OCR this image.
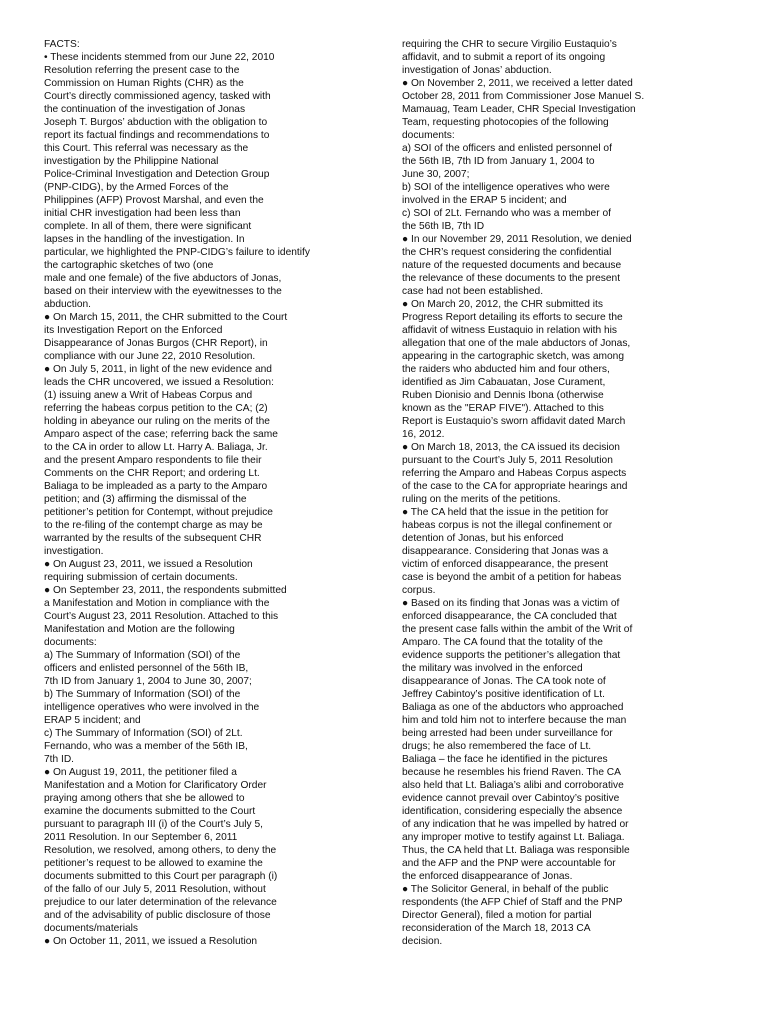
FACTS:
• These incidents stemmed from our June 22, 2010
Resolution referring the present case to the
Commission on Human Rights (CHR) as the
Court’s directly commissioned agency, tasked with
the continuation of the investigation of Jonas
Joseph T. Burgos’ abduction with the obligation to
report its factual findings and recommendations to
this Court. This referral was necessary as the
investigation by the Philippine National
Police-Criminal Investigation and Detection Group
(PNP-CIDG), by the Armed Forces of the
Philippines (AFP) Provost Marshal, and even the
initial CHR investigation had been less than
complete. In all of them, there were significant
lapses in the handling of the investigation. In
particular, we highlighted the PNP-CIDG’s failure to identify
the cartographic sketches of two (one
male and one female) of the five abductors of Jonas,
based on their interview with the eyewitnesses to the
abduction.
● On March 15, 2011, the CHR submitted to the Court
its Investigation Report on the Enforced
Disappearance of Jonas Burgos (CHR Report), in
compliance with our June 22, 2010 Resolution.
● On July 5, 2011, in light of the new evidence and
leads the CHR uncovered, we issued a Resolution:
(1) issuing anew a Writ of Habeas Corpus and
referring the habeas corpus petition to the CA; (2)
holding in abeyance our ruling on the merits of the
Amparo aspect of the case; referring back the same
to the CA in order to allow Lt. Harry A. Baliaga, Jr.
and the present Amparo respondents to file their
Comments on the CHR Report; and ordering Lt.
Baliaga to be impleaded as a party to the Amparo
petition; and (3) affirming the dismissal of the
petitioner’s petition for Contempt, without prejudice
to the re-filing of the contempt charge as may be
warranted by the results of the subsequent CHR
investigation.
● On August 23, 2011, we issued a Resolution
requiring submission of certain documents.
● On September 23, 2011, the respondents submitted
a Manifestation and Motion in compliance with the
Court’s August 23, 2011 Resolution. Attached to this
Manifestation and Motion are the following
documents:
a) The Summary of Information (SOI) of the
officers and enlisted personnel of the 56th IB,
7th ID from January 1, 2004 to June 30, 2007;
b) The Summary of Information (SOI) of the
intelligence operatives who were involved in the
ERAP 5 incident; and
c) The Summary of Information (SOI) of 2Lt.
Fernando, who was a member of the 56th IB,
7th ID.
● On August 19, 2011, the petitioner filed a
Manifestation and a Motion for Clarificatory Order
praying among others that she be allowed to
examine the documents submitted to the Court
pursuant to paragraph III (i) of the Court’s July 5,
2011 Resolution. In our September 6, 2011
Resolution, we resolved, among others, to deny the
petitioner’s request to be allowed to examine the
documents submitted to this Court per paragraph (i)
of the fallo of our July 5, 2011 Resolution, without
prejudice to our later determination of the relevance
and of the advisability of public disclosure of those
documents/materials
● On October 11, 2011, we issued a Resolution
requiring the CHR to secure Virgilio Eustaquio’s
affidavit, and to submit a report of its ongoing
investigation of Jonas’ abduction.
● On November 2, 2011, we received a letter dated
October 28, 2011 from Commissioner Jose Manuel S.
Mamauag, Team Leader, CHR Special Investigation
Team, requesting photocopies of the following
documents:
a) SOI of the officers and enlisted personnel of
the 56th IB, 7th ID from January 1, 2004 to
June 30, 2007;
b) SOI of the intelligence operatives who were
involved in the ERAP 5 incident; and
c) SOI of 2Lt. Fernando who was a member of
the 56th IB, 7th ID
● In our November 29, 2011 Resolution, we denied
the CHR’s request considering the confidential
nature of the requested documents and because
the relevance of these documents to the present
case had not been established.
● On March 20, 2012, the CHR submitted its
Progress Report detailing its efforts to secure the
affidavit of witness Eustaquio in relation with his
allegation that one of the male abductors of Jonas,
appearing in the cartographic sketch, was among
the raiders who abducted him and four others,
identified as Jim Cabauatan, Jose Curament,
Ruben Dionisio and Dennis Ibona (otherwise
known as the "ERAP FIVE"). Attached to this
Report is Eustaquio’s sworn affidavit dated March
16, 2012.
● On March 18, 2013, the CA issued its decision
pursuant to the Court’s July 5, 2011 Resolution
referring the Amparo and Habeas Corpus aspects
of the case to the CA for appropriate hearings and
ruling on the merits of the petitions.
● The CA held that the issue in the petition for
habeas corpus is not the illegal confinement or
detention of Jonas, but his enforced
disappearance. Considering that Jonas was a
victim of enforced disappearance, the present
case is beyond the ambit of a petition for habeas
corpus.
● Based on its finding that Jonas was a victim of
enforced disappearance, the CA concluded that
the present case falls within the ambit of the Writ of
Amparo. The CA found that the totality of the
evidence supports the petitioner’s allegation that
the military was involved in the enforced
disappearance of Jonas. The CA took note of
Jeffrey Cabintoy’s positive identification of Lt.
Baliaga as one of the abductors who approached
him and told him not to interfere because the man
being arrested had been under surveillance for
drugs; he also remembered the face of Lt.
Baliaga – the face he identified in the pictures
because he resembles his friend Raven. The CA
also held that Lt. Baliaga’s alibi and corroborative
evidence cannot prevail over Cabintoy’s positive
identification, considering especially the absence
of any indication that he was impelled by hatred or
any improper motive to testify against Lt. Baliaga.
Thus, the CA held that Lt. Baliaga was responsible
and the AFP and the PNP were accountable for
the enforced disappearance of Jonas.
● The Solicitor General, in behalf of the public
respondents (the AFP Chief of Staff and the PNP
Director General), filed a motion for partial
reconsideration of the March 18, 2013 CA
decision.
